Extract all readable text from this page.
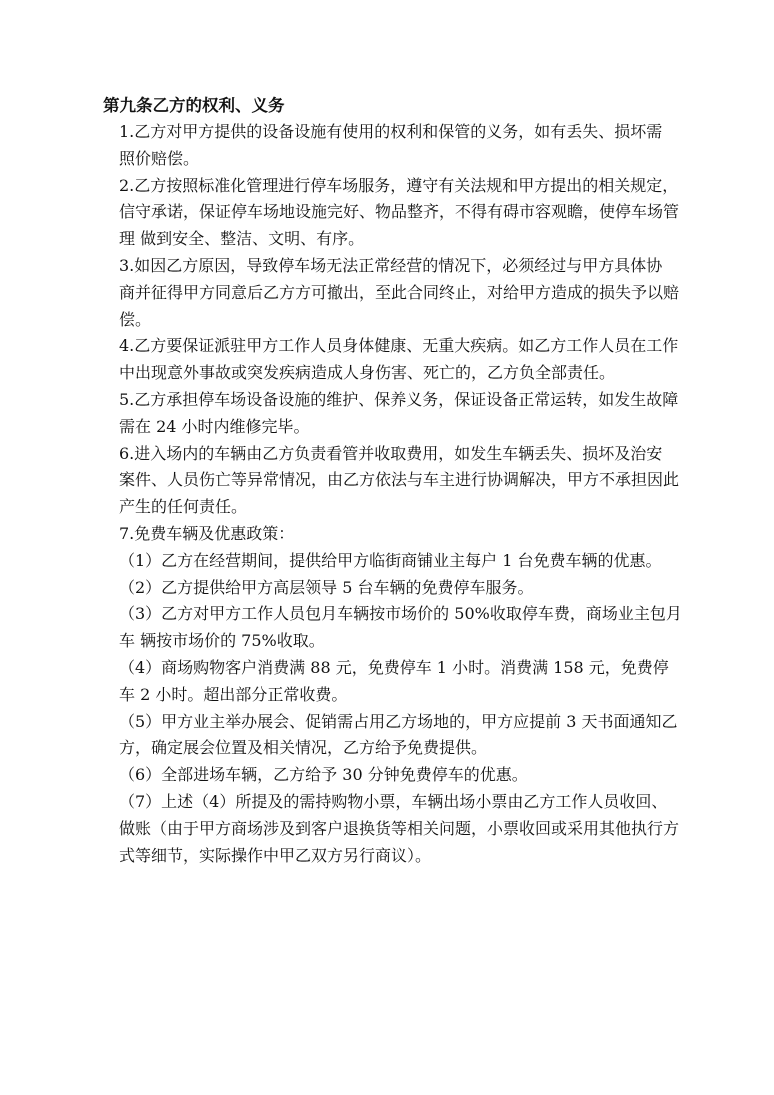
第九条乙方的权利、义务

1.乙方对甲方提供的设备设施有使用的权利和保管的义务，如有丢失、损坏需 照价赔偿。

2.乙方按照标准化管理进行停车场服务，遵守有关法规和甲方提出的相关规定， 信守承诺，保证停车场地设施完好、物品整齐，不得有碍市容观瞻，使停车场管理 做到安全、整洁、文明、有序。

3.如因乙方原因，导致停车场无法正常经营的情况下，必须经过与甲方具体协 商并征得甲方同意后乙方方可撤出，至此合同终止，对给甲方造成的损失予以赔偿。

4.乙方要保证派驻甲方工作人员身体健康、无重大疾病。如乙方工作人员在工作中出现意外事故或突发疾病造成人身伤害、死亡的，乙方负全部责任。

5.乙方承担停车场设备设施的维护、保养义务，保证设备正常运转，如发生故障 需在 24 小时内维修完毕。

6.进入场内的车辆由乙方负责看管并收取费用，如发生车辆丢失、损坏及治安 案件、人员伤亡等异常情况，由乙方依法与车主进行协调解决，甲方不承担因此产生的任何责任。

7.免费车辆及优惠政策：

（1）乙方在经营期间，提供给甲方临街商铺业主每户 1 台免费车辆的优惠。

（2）乙方提供给甲方高层领导 5 台车辆的免费停车服务。

（3）乙方对甲方工作人员包月车辆按市场价的 50%收取停车费，商场业主包月车 辆按市场价的 75%收取。

（4）商场购物客户消费满 88 元，免费停车 1 小时。消费满 158 元，免费停车 2 小时。超出部分正常收费。

（5）甲方业主举办展会、促销需占用乙方场地的，甲方应提前 3 天书面通知乙方，确定展会位置及相关情况，乙方给予免费提供。

（6）全部进场车辆，乙方给予 30 分钟免费停车的优惠。

（7）上述（4）所提及的需持购物小票，车辆出场小票由乙方工作人员收回、做账（由于甲方商场涉及到客户退换货等相关问题，小票收回或采用其他执行方式等细节，实际操作中甲乙双方另行商议）。
